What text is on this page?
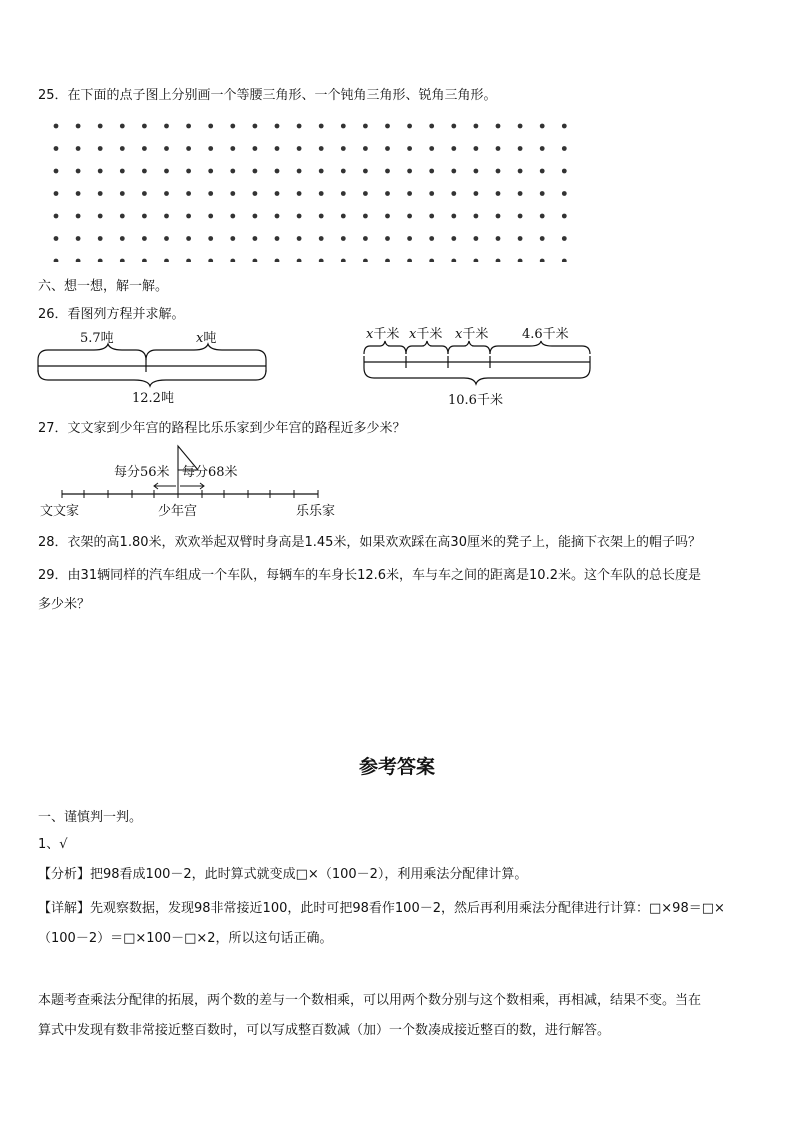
25．在下面的点子图上分别画一个等腰三角形、一个钝角三角形、锐角三角形。
六、想一想，解一解。
26．看图列方程并求解。
5.7吨	x吨
12.2吨
x千米 x千米 x千米	4.6千米
10.6千米
27．文文家到少年宫的路程比乐乐家到少年宫的路程近多少米？
每分56米 每分68米
文文家	少年宫	乐乐家
28．衣架的高1.80米，欢欢举起双臂时身高是1.45米，如果欢欢踩在高30厘米的凳子上，能摘下衣架上的帽子吗？
29．由31辆同样的汽车组成一个车队，每辆车的车身长12.6米，车与车之间的距离是10.2米。这个车队的总长度是
多少米？
参考答案
一、谨慎判一判。
1、√
【分析】把98看成100－2，此时算式就变成□×（100－2），利用乘法分配律计算。
【详解】先观察数据，发现98非常接近100，此时可把98看作100－2，然后再利用乘法分配律进行计算：□×98＝□×
（100－2）＝□×100－□×2，所以这句话正确。
本题考查乘法分配律的拓展，两个数的差与一个数相乘，可以用两个数分别与这个数相乘，再相减，结果不变。当在
算式中发现有数非常接近整百数时，可以写成整百数减（加）一个数凑成接近整百的数，进行解答。
